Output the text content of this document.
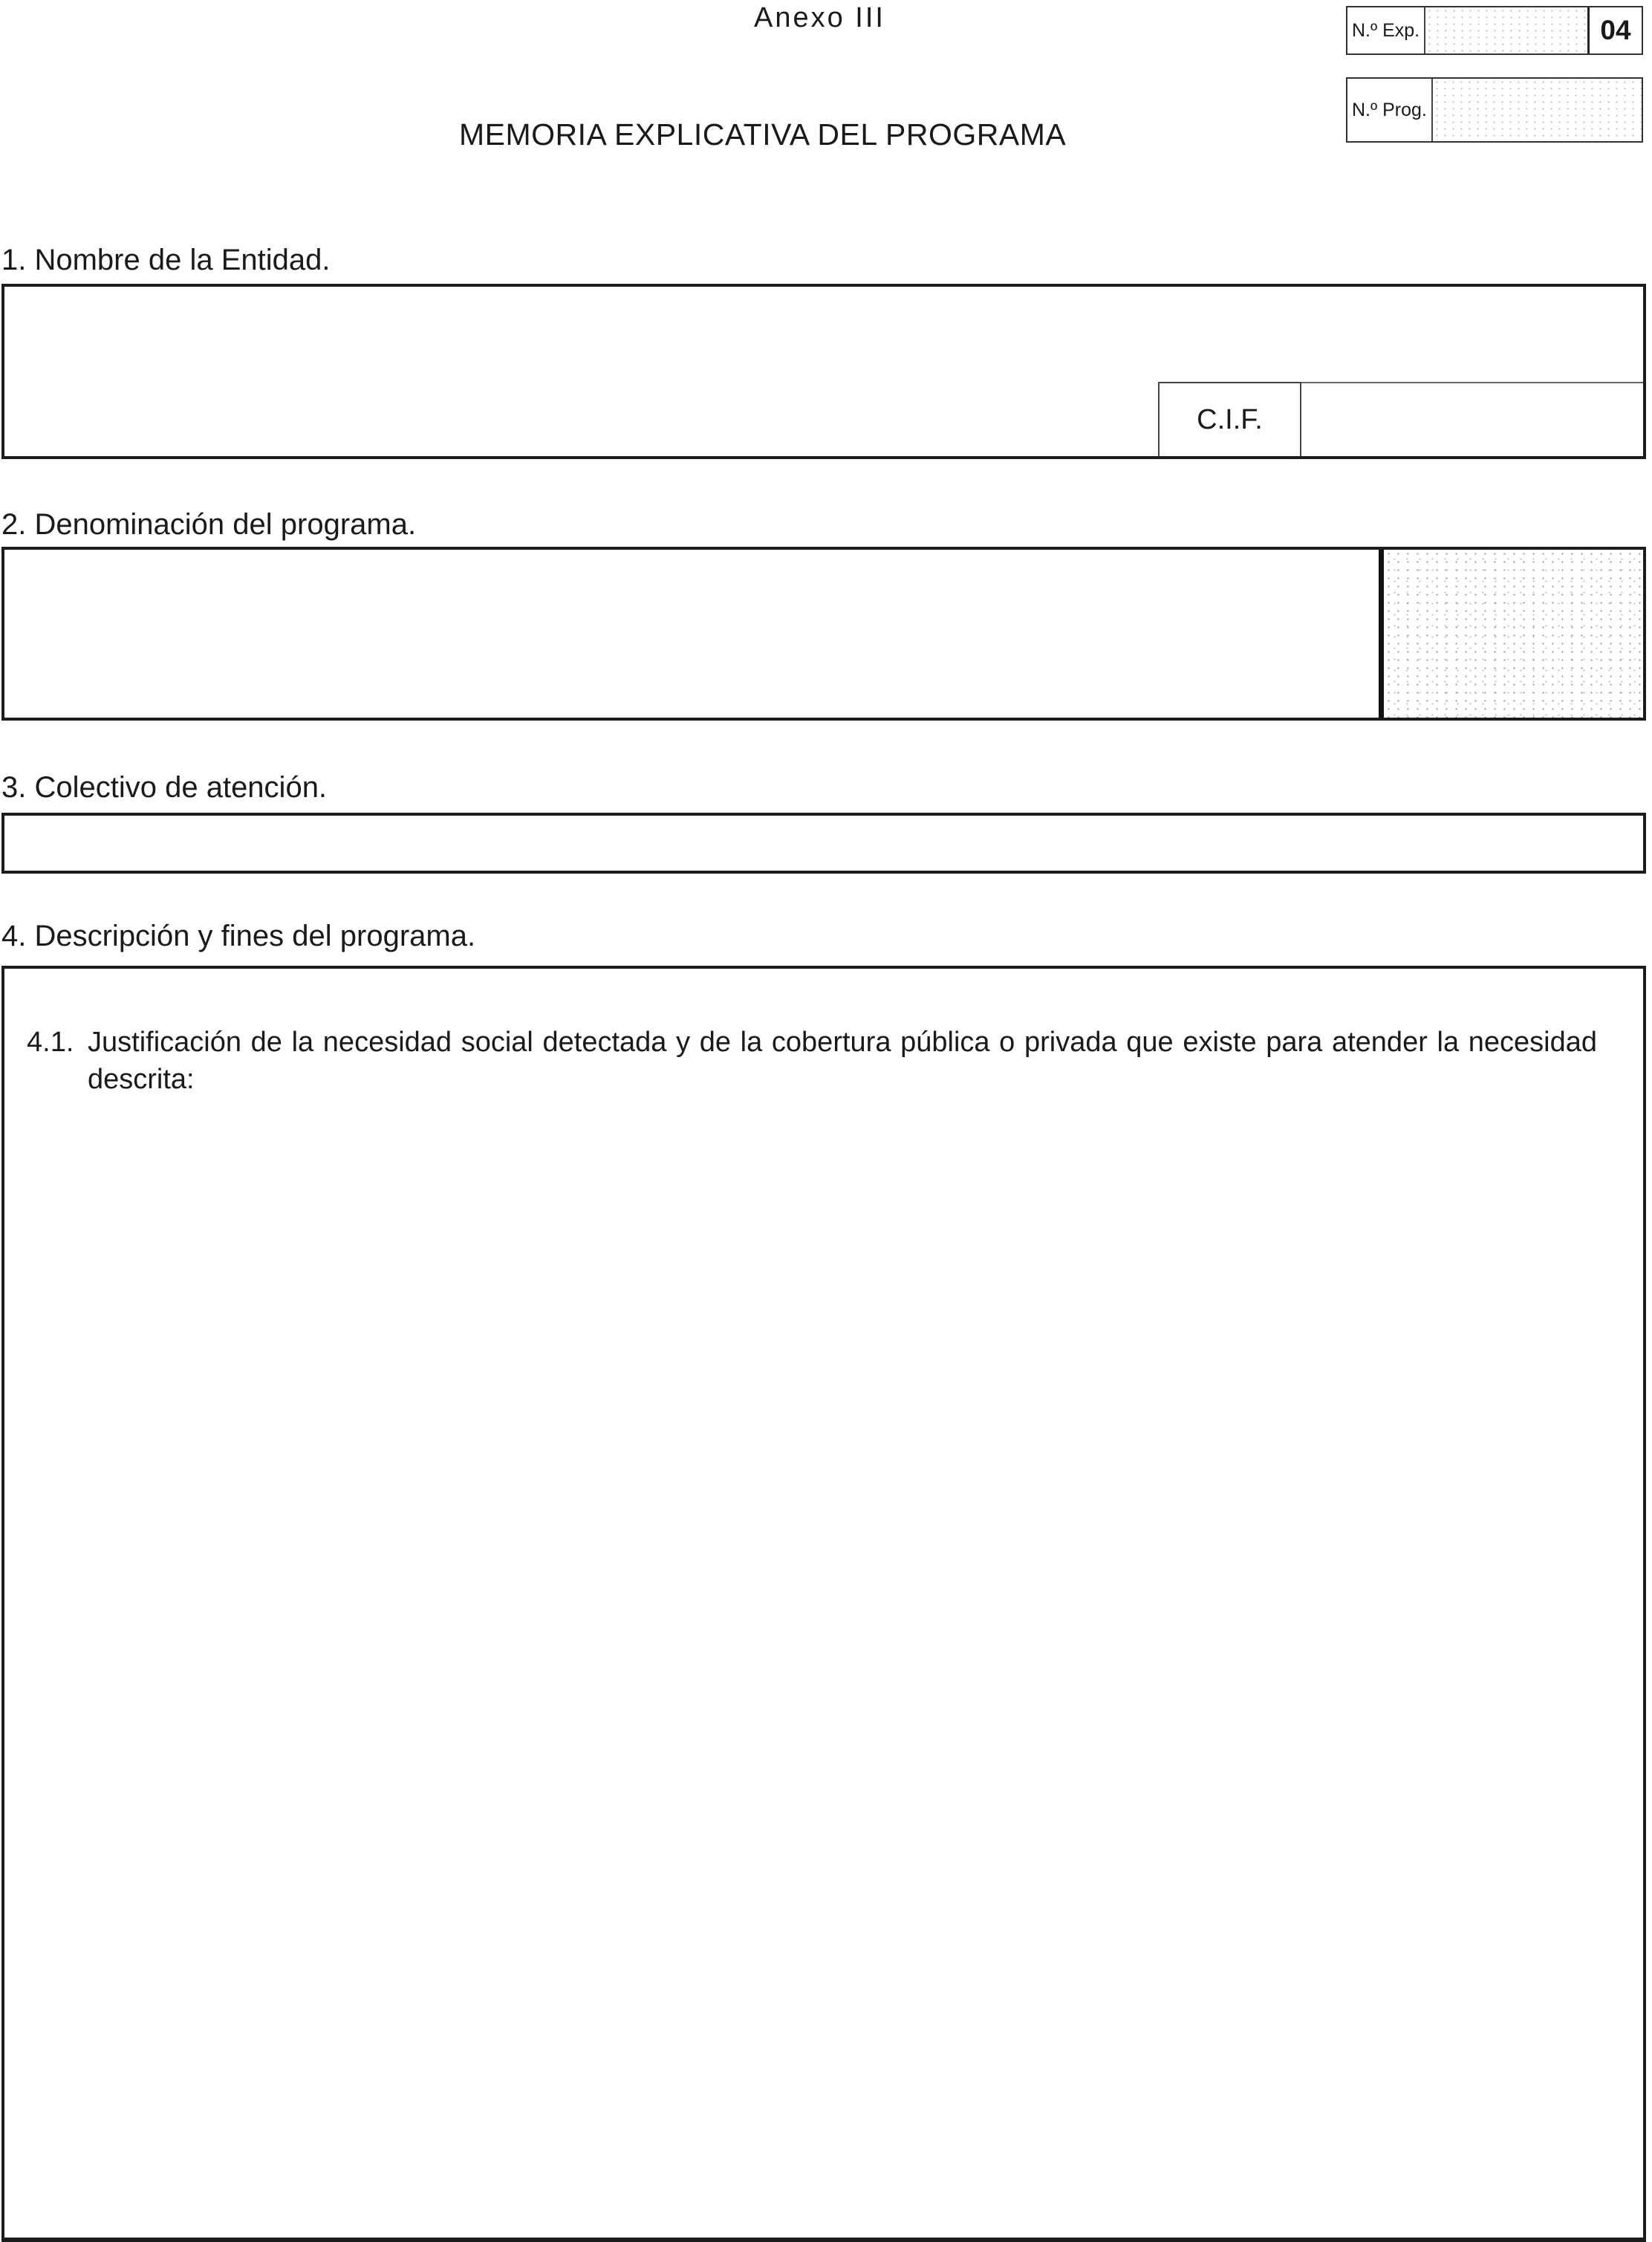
Anexo III
MEMORIA EXPLICATIVA DEL PROGRAMA
N.º Exp.	04
N.º Prog.
1. Nombre de la Entidad.
C.I.F.
2. Denominación del programa.
3. Colectivo de atención.
4. Descripción y fines del programa.
4.1. Justificación de la necesidad social detectada y de la cobertura pública o privada que existe para atender la necesidad descrita:
